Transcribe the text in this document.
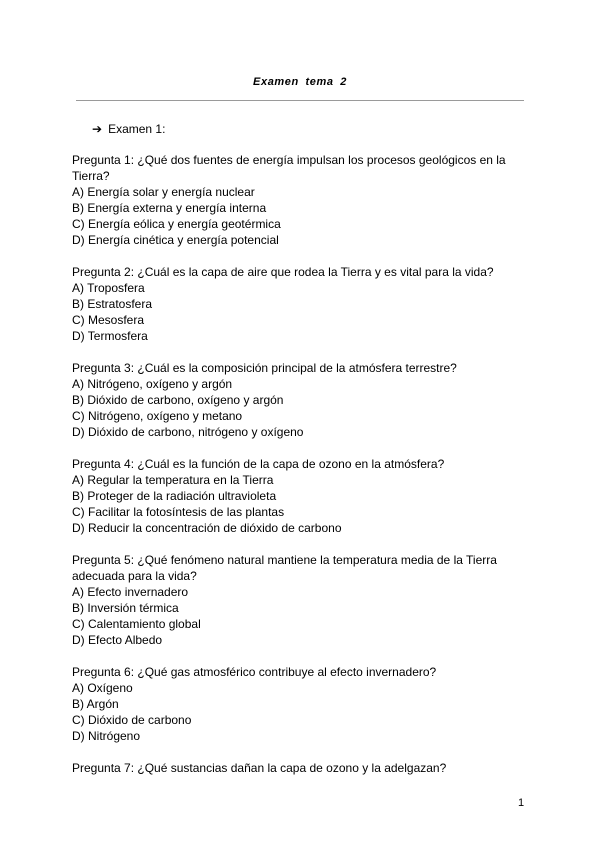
Examen tema 2
➔ Examen 1:

Pregunta 1: ¿Qué dos fuentes de energía impulsan los procesos geológicos en la Tierra?

A) Energía solar y energía nuclear

B) Energía externa y energía interna

C) Energía eólica y energía geotérmica

D) Energía cinética y energía potencial

Pregunta 2: ¿Cuál es la capa de aire que rodea la Tierra y es vital para la vida?

A) Troposfera

B) Estratosfera

C) Mesosfera

D) Termosfera

Pregunta 3: ¿Cuál es la composición principal de la atmósfera terrestre?

A) Nitrógeno, oxígeno y argón

B) Dióxido de carbono, oxígeno y argón

C) Nitrógeno, oxígeno y metano

D) Dióxido de carbono, nitrógeno y oxígeno

Pregunta 4: ¿Cuál es la función de la capa de ozono en la atmósfera?

A) Regular la temperatura en la Tierra

B) Proteger de la radiación ultravioleta

C) Facilitar la fotosíntesis de las plantas

D) Reducir la concentración de dióxido de carbono

Pregunta 5: ¿Qué fenómeno natural mantiene la temperatura media de la Tierra adecuada para la vida?

A) Efecto invernadero

B) Inversión térmica

C) Calentamiento global

D) Efecto Albedo

Pregunta 6: ¿Qué gas atmosférico contribuye al efecto invernadero?

A) Oxígeno

B) Argón

C) Dióxido de carbono

D) Nitrógeno

Pregunta 7: ¿Qué sustancias dañan la capa de ozono y la adelgazan?

1
